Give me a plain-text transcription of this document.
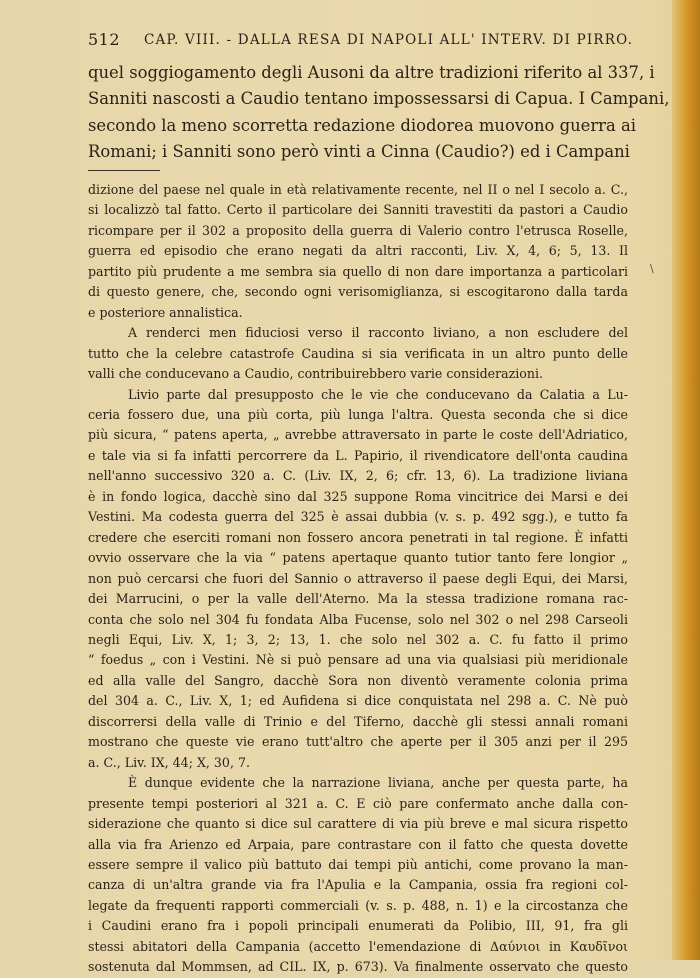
512 CAP. VIII. - DALLA RESA DI NAPOLI ALL' INTERV. DI PIRRO.
quel soggiogamento degli Ausoni da altre tradizioni riferito al 337, i
Sanniti nascosti a Caudio tentano impossessarsi di Capua. I Campani,
secondo la meno scorretta redazione diodorea muovono guerra ai
Romani; i Sanniti sono però vinti a Cinna (Caudio?) ed i Campani
dizione del paese nel quale in età relativamente recente, nel II o nel I secolo a. C.,
si localizzò tal fatto. Certo il particolare dei Sanniti travestiti da pastori a Caudio
ricompare per il 302 a proposito della guerra di Valerio contro l'etrusca Roselle,
guerra ed episodio che erano negati da altri racconti, Liv. X, 4, 6; 5, 13. Il
partito più prudente a me sembra sia quello di non dare importanza a particolari
di questo genere, che, secondo ogni verisomiglianza, si escogitarono dalla tarda
e posteriore annalistica.
A renderci men fiduciosi verso il racconto liviano, a non escludere del
tutto che la celebre catastrofe Caudina si sia verificata in un altro punto delle
valli che conducevano a Caudio, contribuirebbero varie considerazioni.
Livio parte dal presupposto che le vie che conducevano da Calatia a Lu-
ceria fossero due, una più corta, più lunga l'altra. Questa seconda che si dice
più sicura, “ patens aperta, „ avrebbe attraversato in parte le coste dell'Adriatico,
e tale via si fa infatti percorrere da L. Papirio, il rivendicatore dell'onta caudina
nell'anno successivo 320 a. C. (Liv. IX, 2, 6; cfr. 13, 6). La tradizione liviana
è in fondo logica, dacchè sino dal 325 suppone Roma vincitrice dei Marsi e dei
Vestini. Ma codesta guerra del 325 è assai dubbia (v. s. p. 492 sgg.), e tutto fa
credere che eserciti romani non fossero ancora penetrati in tal regione. È infatti
ovvio osservare che la via “ patens apertaque quanto tutior tanto fere longior „
non può cercarsi che fuori del Sannio o attraverso il paese degli Equi, dei Marsi,
dei Marrucini, o per la valle dell'Aterno. Ma la stessa tradizione romana rac-
conta che solo nel 304 fu fondata Alba Fucense, solo nel 302 o nel 298 Carseoli
negli Equi, Liv. X, 1; 3, 2; 13, 1. che solo nel 302 a. C. fu fatto il primo
“ foedus „ con i Vestini. Nè si può pensare ad una via qualsiasi più meridionale
ed alla valle del Sangro, dacchè Sora non diventò veramente colonia prima
del 304 a. C., Liv. X, 1; ed Aufidena si dice conquistata nel 298 a. C. Nè può
discorrersi della valle di Trinio e del Tiferno, dacchè gli stessi annali romani
mostrano che queste vie erano tutt'altro che aperte per il 305 anzi per il 295
a. C., Liv. IX, 44; X, 30, 7.
È dunque evidente che la narrazione liviana, anche per questa parte, ha
presente tempi posteriori al 321 a. C. E ciò pare confermato anche dalla con-
siderazione che quanto si dice sul carattere di via più breve e mal sicura rispetto
alla via fra Arienzo ed Arpaia, pare contrastare con il fatto che questa dovette
essere sempre il valico più battuto dai tempi più antichi, come provano la man-
canza di un'altra grande via fra l'Apulia e la Campania, ossia fra regioni col-
legate da frequenti rapporti commerciali (v. s. p. 488, n. 1) e la circostanza che
i Caudini erano fra i popoli principali enumerati da Polibio, III, 91, fra gli
stessi abitatori della Campania (accetto l'emendazione di Δαύνιοι in Καυδῖνοι
sostenuta dal Mommsen, ad CIL. IX, p. 673). Va finalmente osservato che questo
\
